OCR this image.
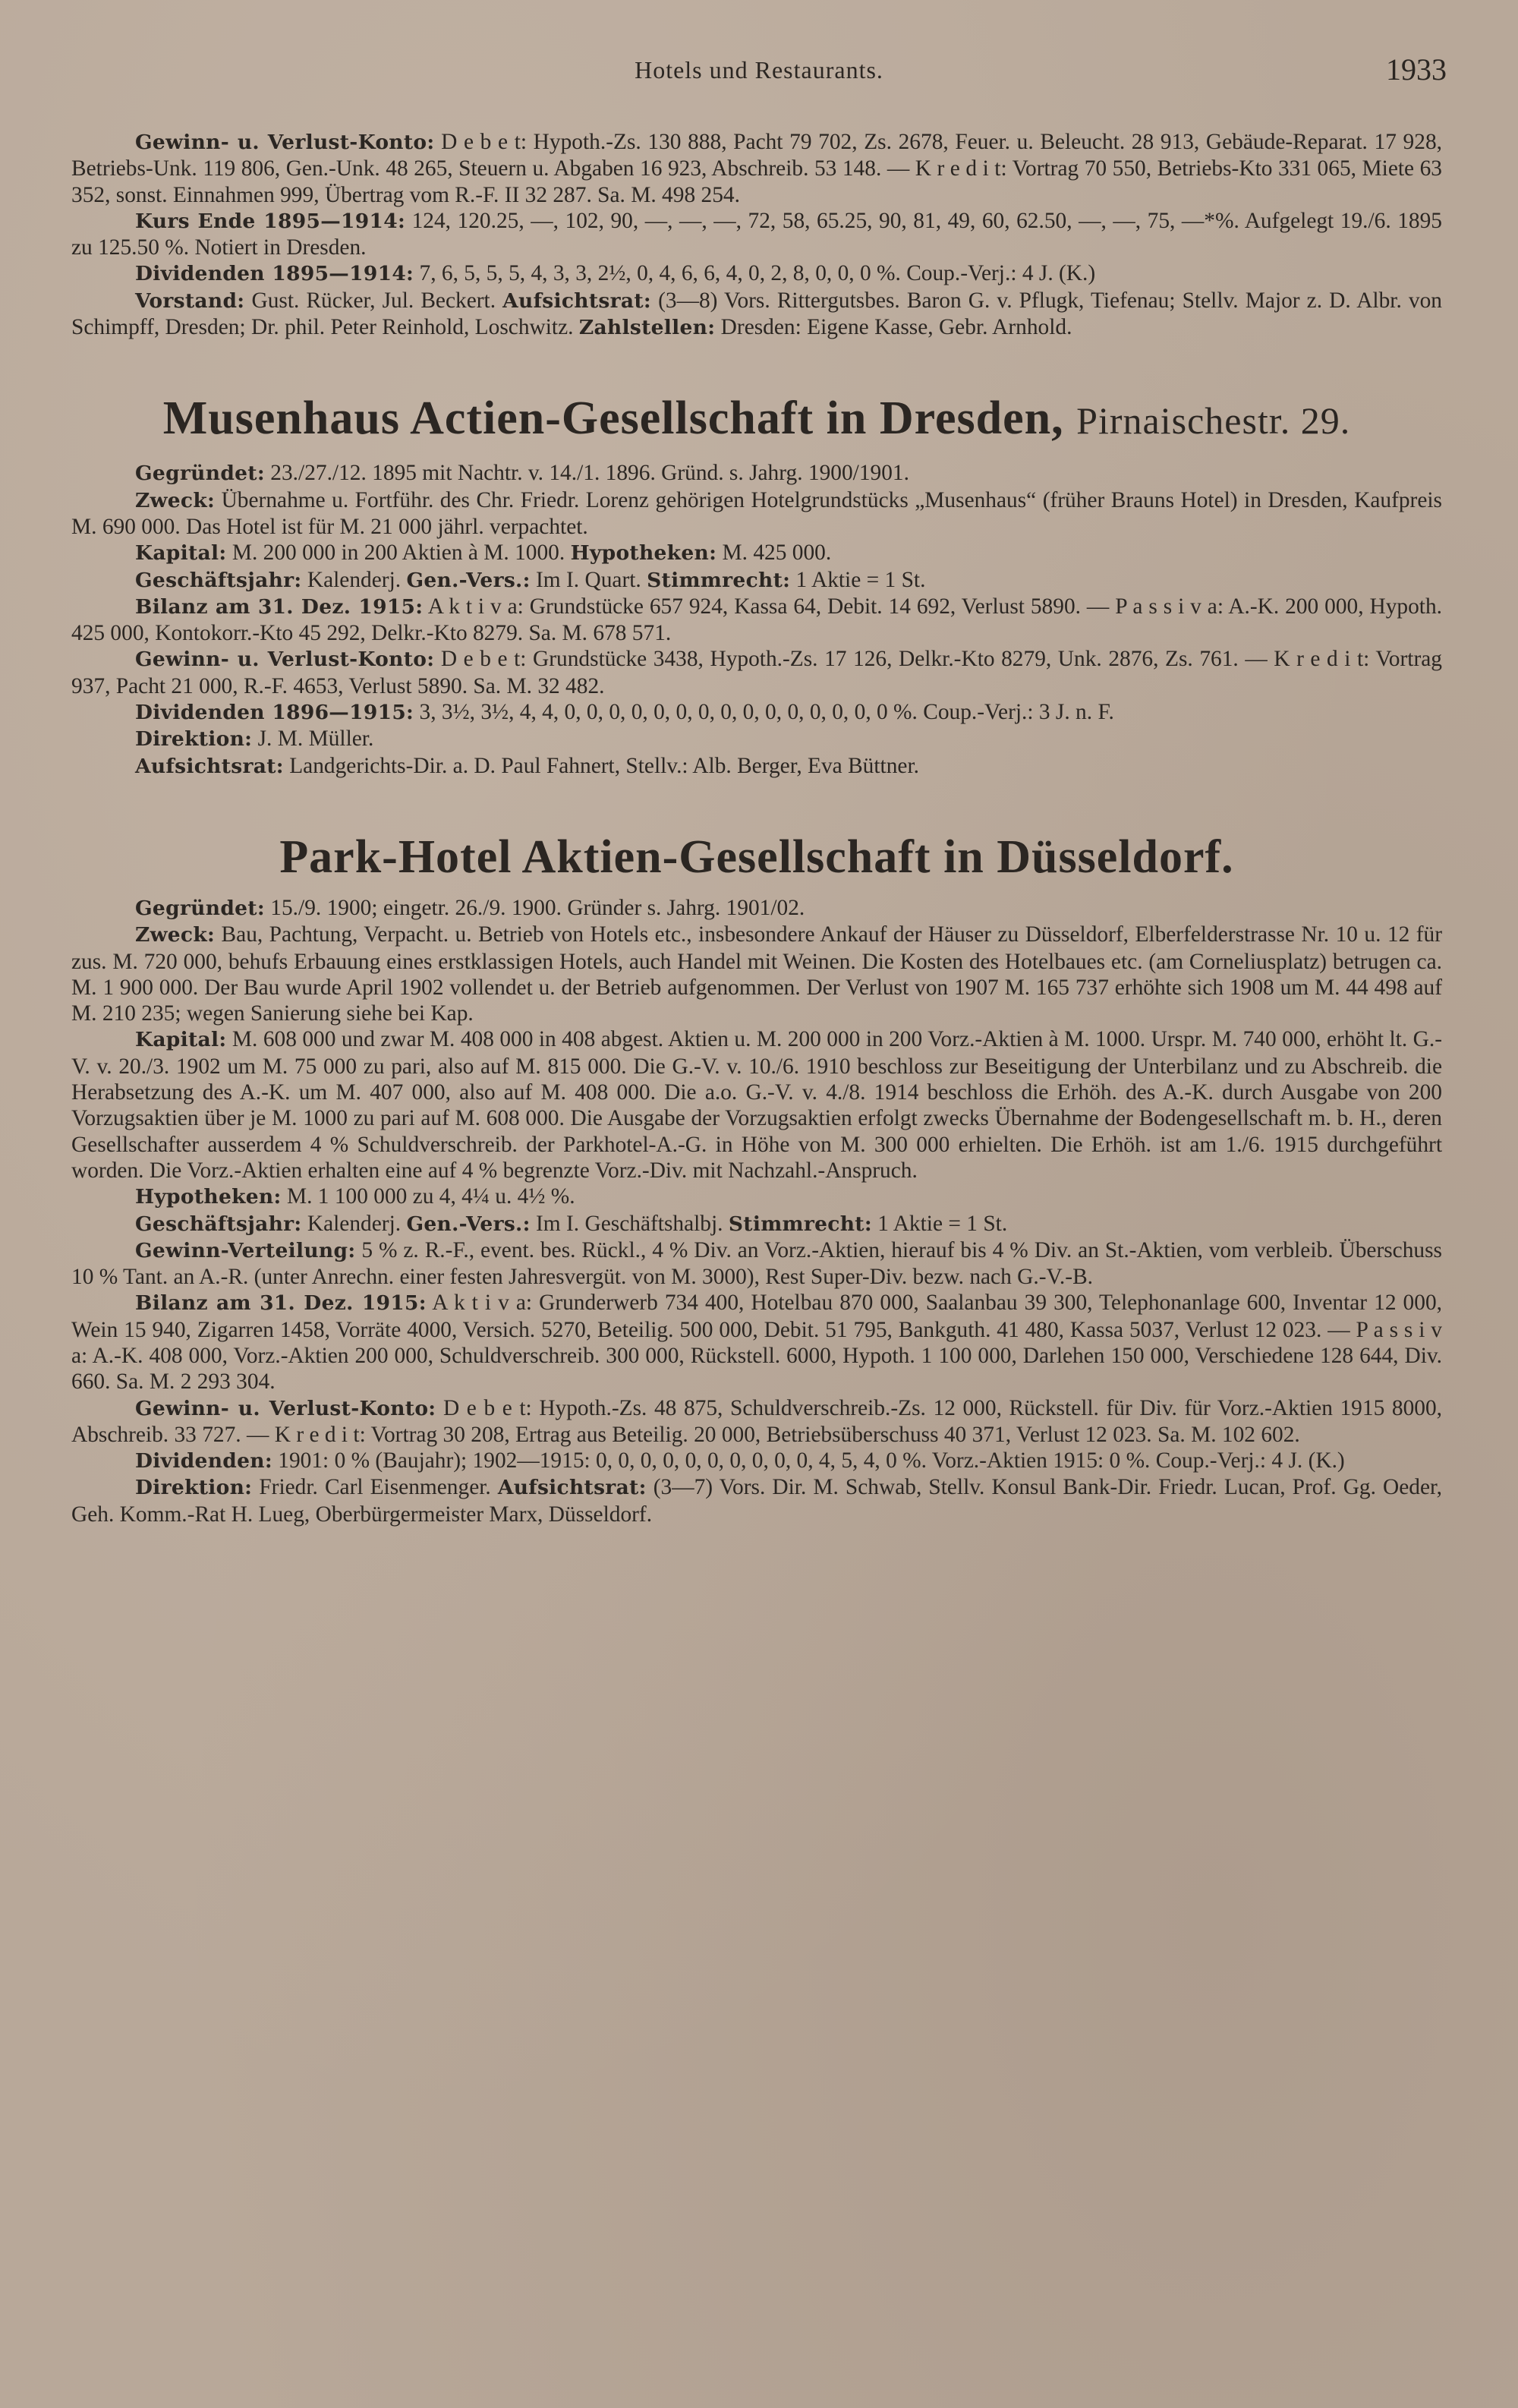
Hotels und Restaurants.	1933

Gewinn- u. Verlust-Konto: D e b e t: Hypoth.-Zs. 130 888, Pacht 79 702, Zs. 2678, Feuer. u. Beleucht. 28 913, Gebäude-Reparat. 17 928, Betriebs-Unk. 119 806, Gen.-Unk. 48 265, Steuern u. Abgaben 16 923, Abschreib. 53 148. — K r e d i t: Vortrag 70 550, Betriebs-Kto 331 065, Miete 63 352, sonst. Einnahmen 999, Übertrag vom R.-F. II 32 287. Sa. M. 498 254.

Kurs Ende 1895—1914: 124, 120.25, —, 102, 90, —, —, —, 72, 58, 65.25, 90, 81, 49, 60, 62.50, —, —, 75, —*%. Aufgelegt 19./6. 1895 zu 125.50 %. Notiert in Dresden.

Dividenden 1895—1914: 7, 6, 5, 5, 5, 4, 3, 3, 2½, 0, 4, 6, 6, 4, 0, 2, 8, 0, 0, 0 %. Coup.-Verj.: 4 J. (K.)

Vorstand: Gust. Rücker, Jul. Beckert. Aufsichtsrat: (3—8) Vors. Rittergutsbes. Baron G. v. Pflugk, Tiefenau; Stellv. Major z. D. Albr. von Schimpff, Dresden; Dr. phil. Peter Reinhold, Loschwitz. Zahlstellen: Dresden: Eigene Kasse, Gebr. Arnhold.

Musenhaus Actien-Gesellschaft in Dresden, Pirnaischestr. 29.

Gegründet: 23./27./12. 1895 mit Nachtr. v. 14./1. 1896. Gründ. s. Jahrg. 1900/1901.

Zweck: Übernahme u. Fortführ. des Chr. Friedr. Lorenz gehörigen Hotelgrundstücks „Musenhaus“ (früher Brauns Hotel) in Dresden, Kaufpreis M. 690 000. Das Hotel ist für M. 21 000 jährl. verpachtet.

Kapital: M. 200 000 in 200 Aktien à M. 1000. Hypotheken: M. 425 000.

Geschäftsjahr: Kalenderj. Gen.-Vers.: Im I. Quart. Stimmrecht: 1 Aktie = 1 St.

Bilanz am 31. Dez. 1915: A k t i v a: Grundstücke 657 924, Kassa 64, Debit. 14 692, Verlust 5890. — P a s s i v a: A.-K. 200 000, Hypoth. 425 000, Kontokorr.-Kto 45 292, Delkr.-Kto 8279. Sa. M. 678 571.

Gewinn- u. Verlust-Konto: D e b e t: Grundstücke 3438, Hypoth.-Zs. 17 126, Delkr.-Kto 8279, Unk. 2876, Zs. 761. — K r e d i t: Vortrag 937, Pacht 21 000, R.-F. 4653, Verlust 5890. Sa. M. 32 482.

Dividenden 1896—1915: 3, 3½, 3½, 4, 4, 0, 0, 0, 0, 0, 0, 0, 0, 0, 0, 0, 0, 0, 0, 0 %. Coup.-Verj.: 3 J. n. F.

Direktion: J. M. Müller.

Aufsichtsrat: Landgerichts-Dir. a. D. Paul Fahnert, Stellv.: Alb. Berger, Eva Büttner.

Park-Hotel Aktien-Gesellschaft in Düsseldorf.

Gegründet: 15./9. 1900; eingetr. 26./9. 1900. Gründer s. Jahrg. 1901/02.

Zweck: Bau, Pachtung, Verpacht. u. Betrieb von Hotels etc., insbesondere Ankauf der Häuser zu Düsseldorf, Elberfelderstrasse Nr. 10 u. 12 für zus. M. 720 000, behufs Erbauung eines erstklassigen Hotels, auch Handel mit Weinen. Die Kosten des Hotelbaues etc. (am Corneliusplatz) betrugen ca. M. 1 900 000. Der Bau wurde April 1902 vollendet u. der Betrieb aufgenommen. Der Verlust von 1907 M. 165 737 erhöhte sich 1908 um M. 44 498 auf M. 210 235; wegen Sanierung siehe bei Kap.

Kapital: M. 608 000 und zwar M. 408 000 in 408 abgest. Aktien u. M. 200 000 in 200 Vorz.-Aktien à M. 1000. Urspr. M. 740 000, erhöht lt. G.-V. v. 20./3. 1902 um M. 75 000 zu pari, also auf M. 815 000. Die G.-V. v. 10./6. 1910 beschloss zur Beseitigung der Unterbilanz und zu Abschreib. die Herabsetzung des A.-K. um M. 407 000, also auf M. 408 000. Die a.o. G.-V. v. 4./8. 1914 beschloss die Erhöh. des A.-K. durch Ausgabe von 200 Vorzugsaktien über je M. 1000 zu pari auf M. 608 000. Die Ausgabe der Vorzugsaktien erfolgt zwecks Übernahme der Bodengesellschaft m. b. H., deren Gesellschafter ausserdem 4 % Schuldverschreib. der Parkhotel-A.-G. in Höhe von M. 300 000 erhielten. Die Erhöh. ist am 1./6. 1915 durchgeführt worden. Die Vorz.-Aktien erhalten eine auf 4 % begrenzte Vorz.-Div. mit Nachzahl.-Anspruch.

Hypotheken: M. 1 100 000 zu 4, 4¼ u. 4½ %.

Geschäftsjahr: Kalenderj. Gen.-Vers.: Im I. Geschäftshalbj. Stimmrecht: 1 Aktie = 1 St.

Gewinn-Verteilung: 5 % z. R.-F., event. bes. Rückl., 4 % Div. an Vorz.-Aktien, hierauf bis 4 % Div. an St.-Aktien, vom verbleib. Überschuss 10 % Tant. an A.-R. (unter Anrechn. einer festen Jahresvergüt. von M. 3000), Rest Super-Div. bezw. nach G.-V.-B.

Bilanz am 31. Dez. 1915: A k t i v a: Grunderwerb 734 400, Hotelbau 870 000, Saalanbau 39 300, Telephonanlage 600, Inventar 12 000, Wein 15 940, Zigarren 1458, Vorräte 4000, Versich. 5270, Beteilig. 500 000, Debit. 51 795, Bankguth. 41 480, Kassa 5037, Verlust 12 023. — P a s s i v a: A.-K. 408 000, Vorz.-Aktien 200 000, Schuldverschreib. 300 000, Rückstell. 6000, Hypoth. 1 100 000, Darlehen 150 000, Verschiedene 128 644, Div. 660. Sa. M. 2 293 304.

Gewinn- u. Verlust-Konto: D e b e t: Hypoth.-Zs. 48 875, Schuldverschreib.-Zs. 12 000, Rückstell. für Div. für Vorz.-Aktien 1915 8000, Abschreib. 33 727. — K r e d i t: Vortrag 30 208, Ertrag aus Beteilig. 20 000, Betriebsüberschuss 40 371, Verlust 12 023. Sa. M. 102 602.

Dividenden: 1901: 0 % (Baujahr); 1902—1915: 0, 0, 0, 0, 0, 0, 0, 0, 0, 0, 4, 5, 4, 0 %. Vorz.-Aktien 1915: 0 %. Coup.-Verj.: 4 J. (K.)

Direktion: Friedr. Carl Eisenmenger. Aufsichtsrat: (3—7) Vors. Dir. M. Schwab, Stellv. Konsul Bank-Dir. Friedr. Lucan, Prof. Gg. Oeder, Geh. Komm.-Rat H. Lueg, Oberbürgermeister Marx, Düsseldorf.
